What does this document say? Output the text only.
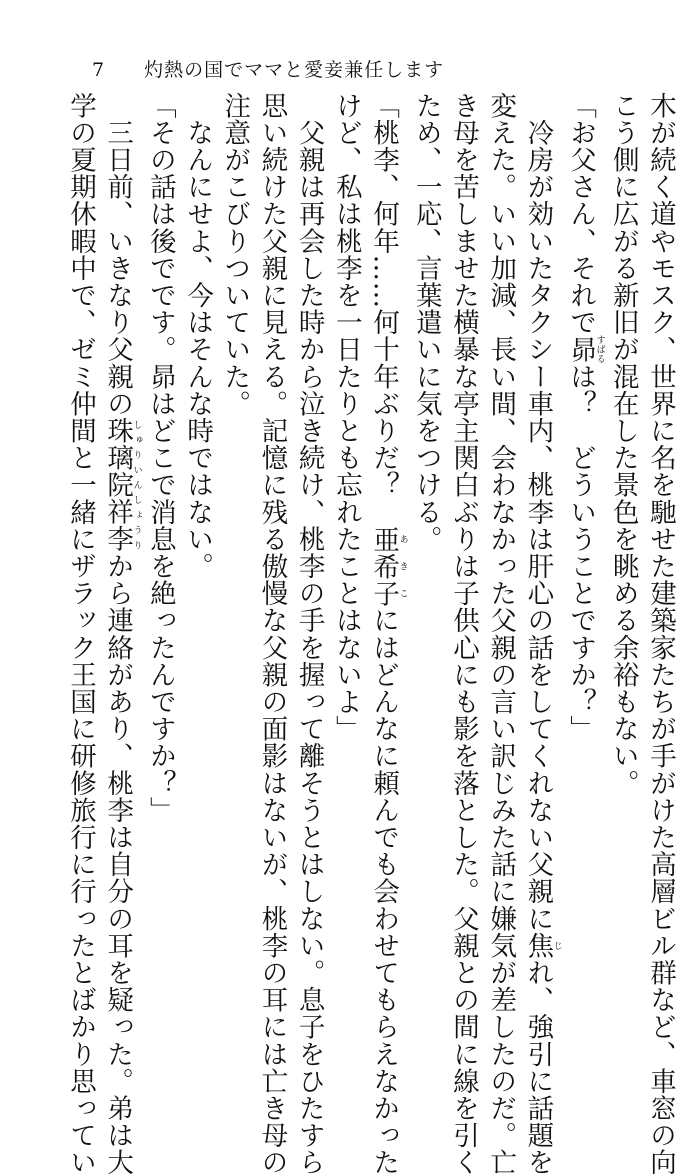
7 灼熱の国でママと愛妾兼任します
木が続く道やモスク、世界に名を馳せた建築家たちが手がけた高層ビル群など、車窓の向
こう側に広がる新旧が混在した景色を眺める余裕もない。
「お父さん、それで昴すばるは？　どういうことですか？」
　冷房が効いたタクシー車内、桃李は肝心の話をしてくれない父親に焦じれ、強引に話題を
変えた。いい加減、長い間、会わなかった父親の言い訳じみた話に嫌気が差したのだ。亡
き母を苦しませた横暴な亭主関白ぶりは子供心にも影を落とした。父親との間に線を引く
ため、一応、言葉遣いに気をつける。
「桃李、何年……何十年ぶりだ？　亜希子あきこにはどんなに頼んでも会わせてもらえなかった
けど、私は桃李を一日たりとも忘れたことはないよ」
　父親は再会した時から泣き続け、桃李の手を握って離そうとはしない。息子をひたすら
思い続けた父親に見える。記憶に残る傲慢な父親の面影はないが、桃李の耳には亡き母の
注意がこびりついていた。
　なんにせよ、今はそんな時ではない。
「その話は後でです。昴はどこで消息を絶ったんですか？」
　三日前、いきなり父親の珠璃院祥李しゅりいんしょうりから連絡があり、桃李は自分の耳を疑った。弟は大
学の夏期休暇中で、ゼミ仲間と一緒にザラック王国に研修旅行に行ったとばかり思ってい
